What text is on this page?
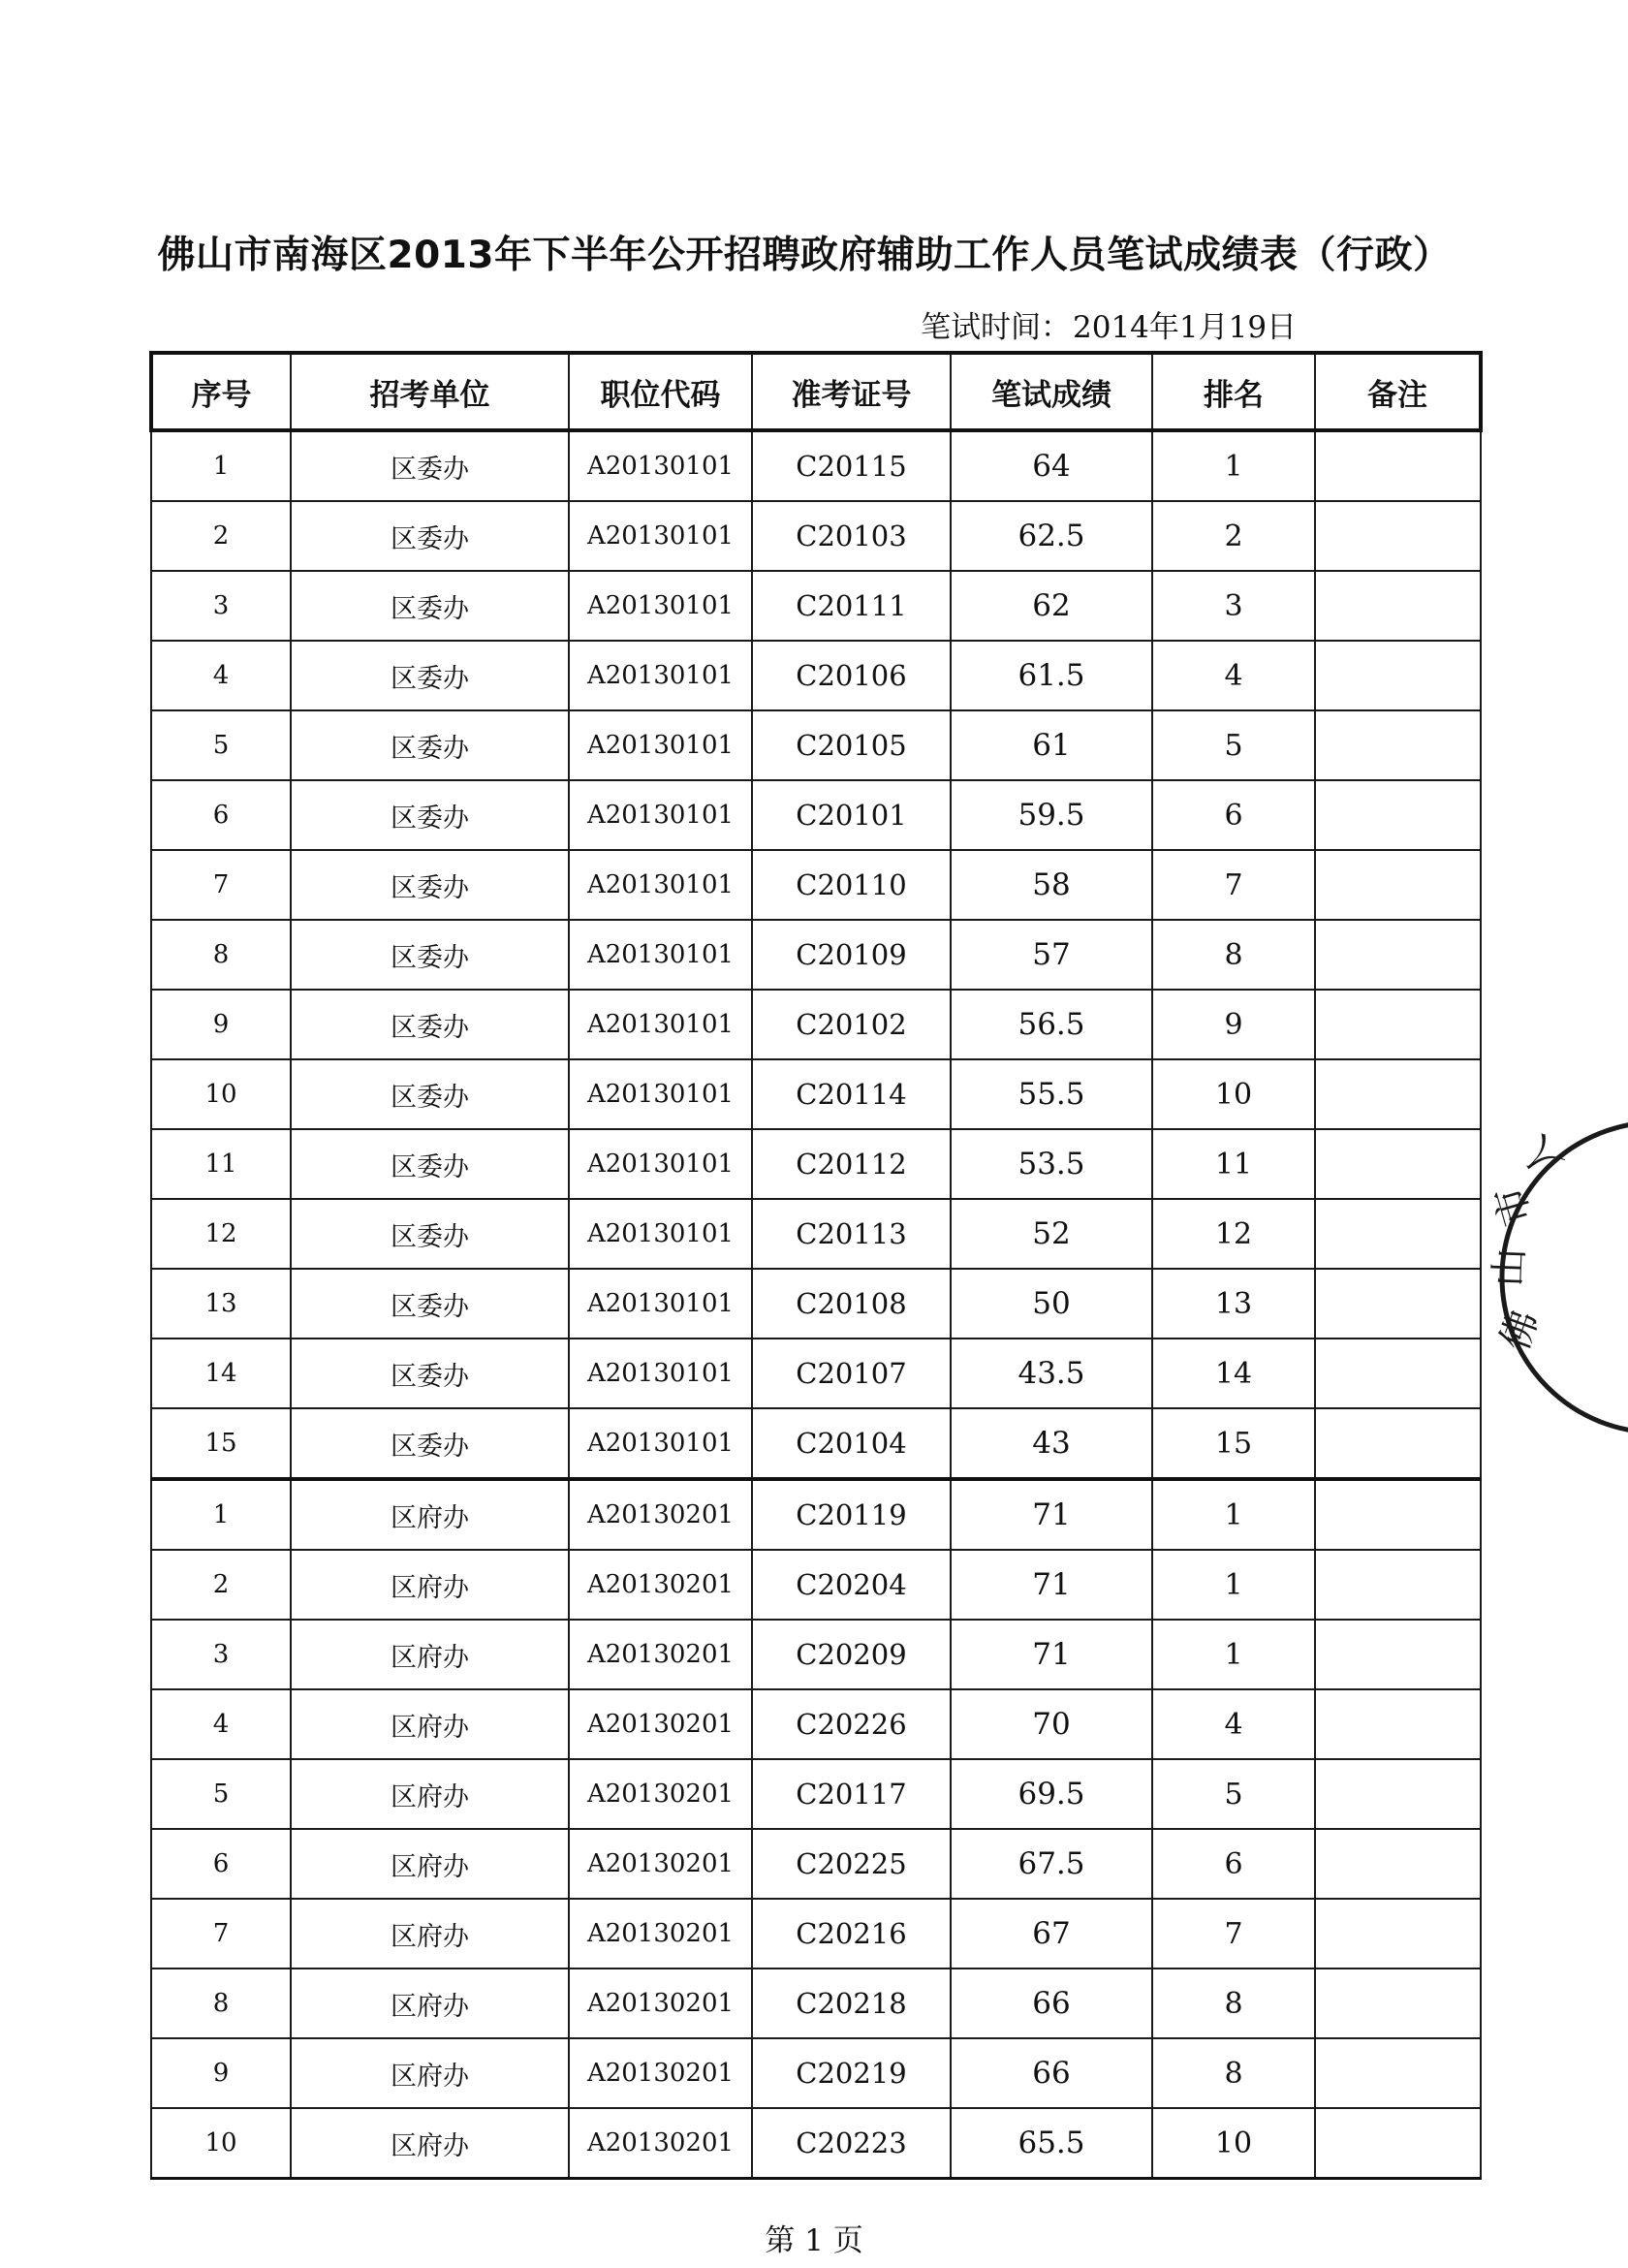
佛山市南海区2013年下半年公开招聘政府辅助工作人员笔试成绩表（行政）
笔试时间：2014年1月19日
序号	招考单位	职位代码	准考证号	笔试成绩	排名	备注
1	区委办	A20130101	C20115	64	1	
2	区委办	A20130101	C20103	62.5	2	
3	区委办	A20130101	C20111	62	3	
4	区委办	A20130101	C20106	61.5	4	
5	区委办	A20130101	C20105	61	5	
6	区委办	A20130101	C20101	59.5	6	
7	区委办	A20130101	C20110	58	7	
8	区委办	A20130101	C20109	57	8	
9	区委办	A20130101	C20102	56.5	9	
10	区委办	A20130101	C20114	55.5	10	
11	区委办	A20130101	C20112	53.5	11	
12	区委办	A20130101	C20113	52	12	
13	区委办	A20130101	C20108	50	13	
14	区委办	A20130101	C20107	43.5	14	
15	区委办	A20130101	C20104	43	15	
1	区府办	A20130201	C20119	71	1	
2	区府办	A20130201	C20204	71	1	
3	区府办	A20130201	C20209	71	1	
4	区府办	A20130201	C20226	70	4	
5	区府办	A20130201	C20117	69.5	5	
6	区府办	A20130201	C20225	67.5	6	
7	区府办	A20130201	C20216	67	7	
8	区府办	A20130201	C20218	66	8	
9	区府办	A20130201	C20219	66	8	
10	区府办	A20130201	C20223	65.5	10	
佛
山
市
人
第 1 页
